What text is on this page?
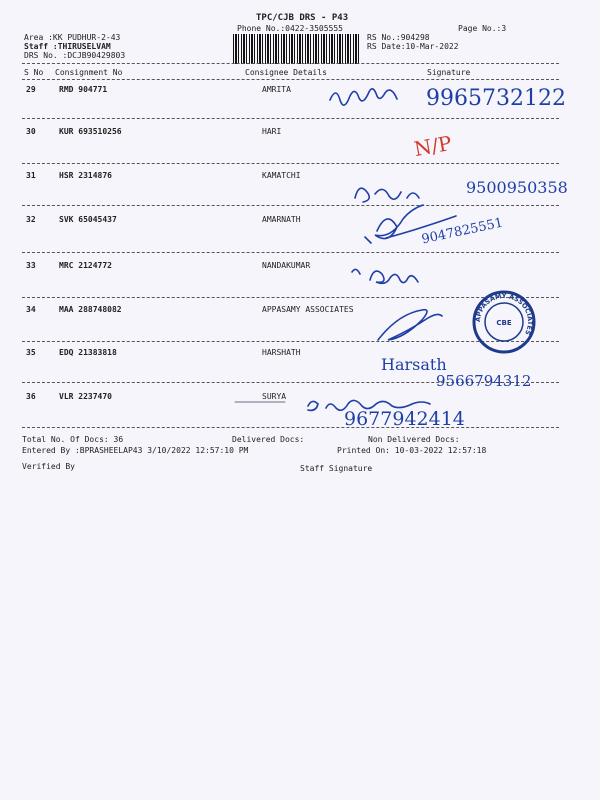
TPC/CJB DRS - P43
Phone No.:0422-3505555	Page No.:3
Area :KK PUDHUR-2-43
Staff :THIRUSELVAM
DRS No. :DCJB90429803
RS No.:904298
RS Date:10-Mar-2022
S No Consignment No	Consignee Details	Signature
29	RMD 904771	AMRITA
30	KUR 693510256	HARI
31	HSR 2314876	KAMATCHI
32	SVK 65045437	AMARNATH
33	MRC 2124772	NANDAKUMAR
34	MAA 288748082	APPASAMY ASSOCIATES
35	EDQ 21383818	HARSHATH
36	VLR 2237470	SURYA
Total No. Of Docs: 36	Delivered Docs:	Non Delivered Docs:
Entered By :BPRASHEELAP43 3/10/2022 12:57:10 PM	Printed On: 10-03-2022 12:57:18
Verified By	Staff Signature
9965732122
N/P
9500950358
9047825551
Harsath
9566794312
9677942414
APPASAMY ASSOCIATES
CBE
